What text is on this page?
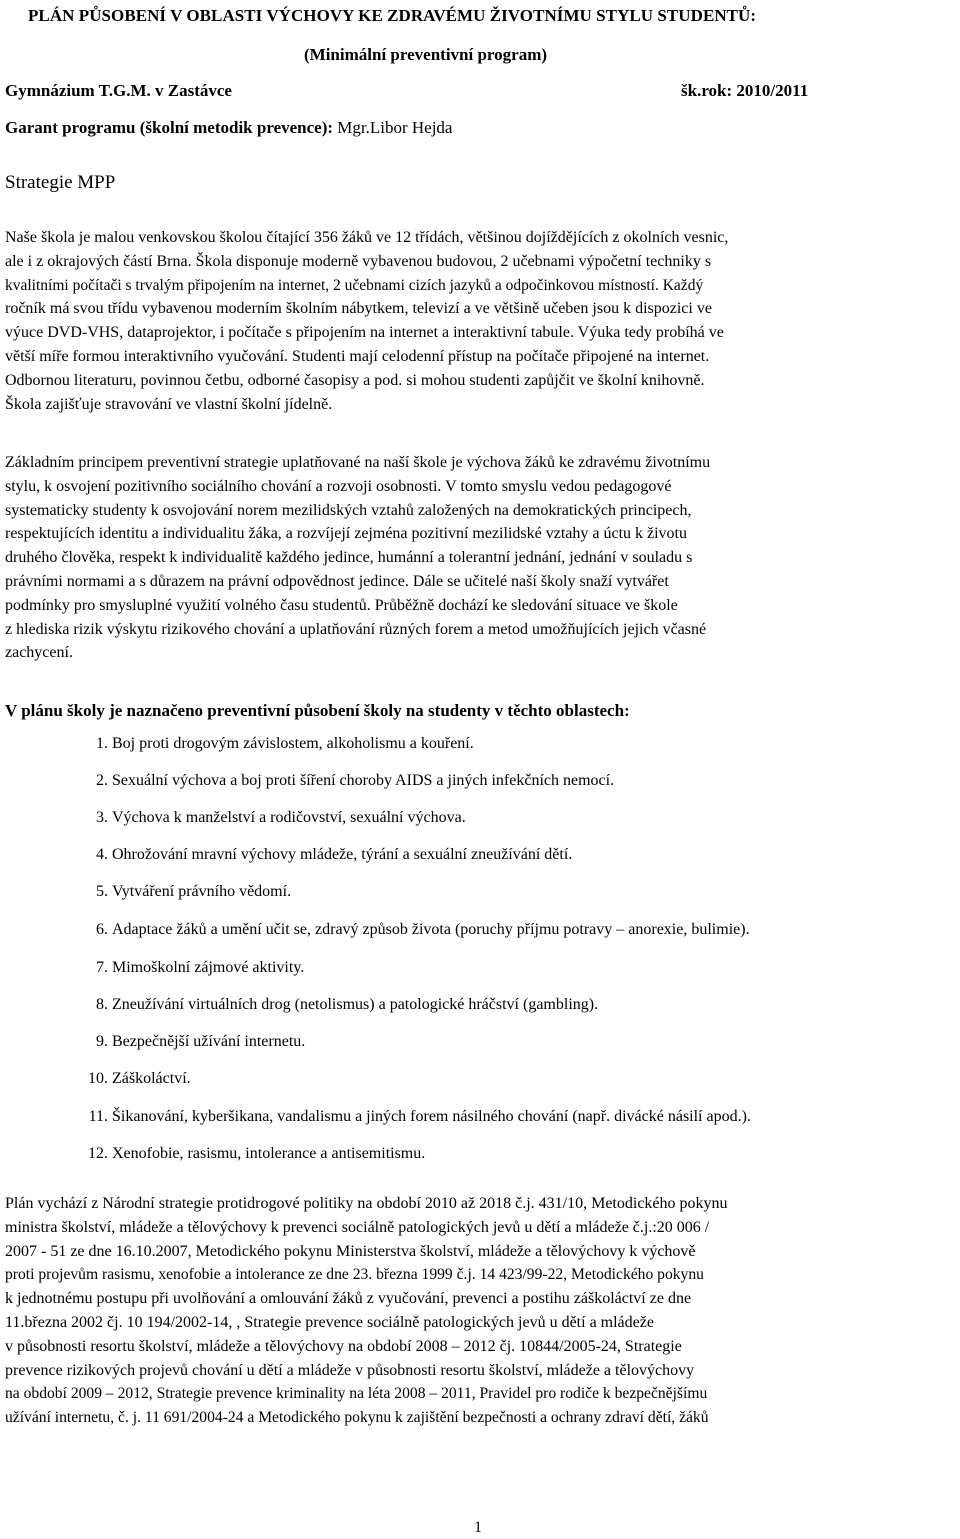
PLÁN PŮSOBENÍ V OBLASTI VÝCHOVY KE ZDRAVÉMU ŽIVOTNÍMU STYLU STUDENTŮ:
(Minimální preventivní program)
Gymnázium T.G.M. v Zastávce	šk.rok: 2010/2011
Garant programu (školní metodik prevence): Mgr.Libor Hejda
Strategie MPP
Naše škola je malou venkovskou školou čítající 356 žáků ve 12 třídách, většinou dojíždějících z okolních vesnic,
ale i z okrajových částí Brna. Škola disponuje moderně vybavenou budovou, 2 učebnami výpočetní techniky s
kvalitními počítači s trvalým připojením na internet, 2 učebnami cizích jazyků a odpočinkovou místností. Každý
ročník má svou třídu vybavenou moderním školním nábytkem, televizí a ve většině učeben jsou k dispozici ve
výuce DVD-VHS, dataprojektor, i počítače s připojením na internet a interaktivní tabule. Výuka tedy probíhá ve
větší míře formou interaktivního vyučování. Studenti mají celodenní přístup na počítače připojené na internet.
Odbornou literaturu, povinnou četbu, odborné časopisy a pod. si mohou studenti zapůjčit ve školní knihovně.
Škola zajišťuje stravování ve vlastní školní jídelně.
Základním principem preventivní strategie uplatňované na naší škole je výchova žáků ke zdravému životnímu
stylu, k osvojení pozitivního sociálního chování a rozvoji osobnosti. V tomto smyslu vedou pedagogové
systematicky studenty k osvojování norem mezilidských vztahů založených na demokratických principech,
respektujících identitu a individualitu žáka, a rozvíjejí zejména pozitivní mezilidské vztahy a úctu k životu
druhého člověka, respekt k individualitě každého jedince, humánní a tolerantní jednání, jednání v souladu s
právními normami a s důrazem na právní odpovědnost jedince. Dále se učitelé naší školy snaží vytvářet
podmínky pro smysluplné využití volného času studentů. Průběžně dochází ke sledování situace ve škole
z hlediska rizik výskytu rizikového chování a uplatňování různých forem a metod umožňujících jejich včasné
zachycení.
V plánu školy je naznačeno preventivní působení školy na studenty v těchto oblastech:
1. Boj proti drogovým závislostem, alkoholismu a kouření.
2. Sexuální výchova a boj proti šíření choroby AIDS a jiných infekčních nemocí.
3. Výchova k manželství a rodičovství, sexuální výchova.
4. Ohrožování mravní výchovy mládeže, týrání a sexuální zneužívání dětí.
5. Vytváření právního vědomí.
6. Adaptace žáků a umění učit se, zdravý způsob života (poruchy příjmu potravy – anorexie, bulimie).
7. Mimoškolní zájmové aktivity.
8. Zneužívání virtuálních drog (netolismus) a patologické hráčství (gambling).
9. Bezpečnější užívání internetu.
10. Záškoláctví.
11. Šikanování, kyberšikana, vandalismu a jiných forem násilného chování (např. divácké násilí apod.).
12. Xenofobie, rasismu, intolerance a antisemitismu.
Plán vychází z Národní strategie protidrogové politiky na období 2010 až 2018 č.j. 431/10, Metodického pokynu
ministra školství, mládeže a tělovýchovy k prevenci sociálně patologických jevů u dětí a mládeže č.j.:20 006 /
2007 - 51 ze dne 16.10.2007, Metodického pokynu Ministerstva školství, mládeže a tělovýchovy k výchově
proti projevům rasismu, xenofobie a intolerance ze dne 23. března 1999 č.j. 14 423/99-22, Metodického pokynu
k jednotnému postupu při uvolňování a omlouvání žáků z vyučování, prevenci a postihu záškoláctví ze dne
11.března 2002 čj. 10 194/2002-14, , Strategie prevence sociálně patologických jevů u dětí a mládeže
v působnosti resortu školství, mládeže a tělovýchovy na období 2008 – 2012 čj. 10844/2005-24, Strategie
prevence rizikových projevů chování u dětí a mládeže v působnosti resortu školství, mládeže a tělovýchovy
na období 2009 – 2012, Strategie prevence kriminality na léta 2008 – 2011, Pravidel pro rodiče k bezpečnějšímu
užívání internetu, č. j. 11 691/2004-24 a Metodického pokynu k zajištění bezpečnosti a ochrany zdraví dětí, žáků
1
